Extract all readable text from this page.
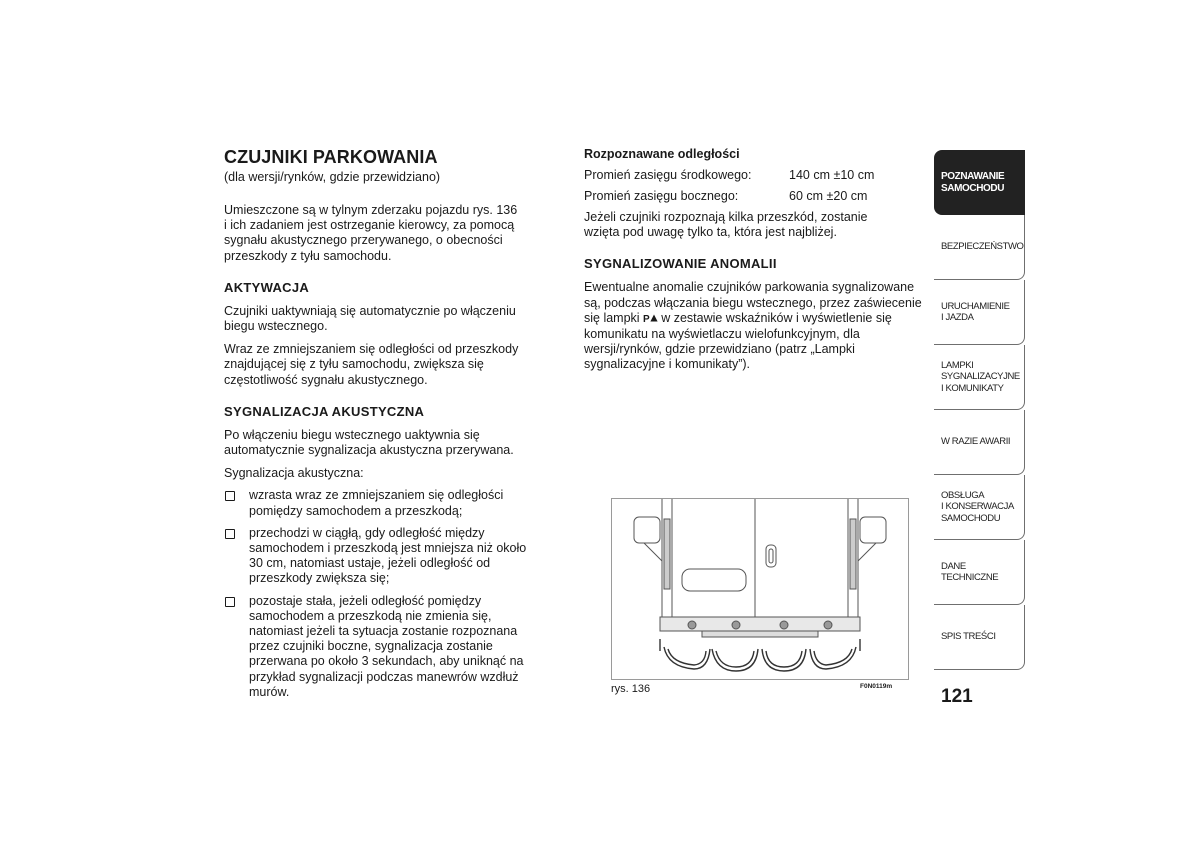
CZUJNIKI PARKOWANIA
(dla wersji/rynków, gdzie przewidziano)

Umieszczone są w tylnym zderzaku pojazdu rys. 136
i ich zadaniem jest ostrzeganie kierowcy, za pomocą
sygnału akustycznego przerywanego, o obecności
przeszkody z tyłu samochodu.

AKTYWACJA

Czujniki uaktywniają się automatycznie po włączeniu
biegu wstecznego.

Wraz ze zmniejszaniem się odległości od przeszkody
znajdującej się z tyłu samochodu, zwiększa się
częstotliwość sygnału akustycznego.

SYGNALIZACJA AKUSTYCZNA

Po włączeniu biegu wstecznego uaktywnia się
automatycznie sygnalizacja akustyczna przerywana.

Sygnalizacja akustyczna:

wzrasta wraz ze zmniejszaniem się odległości
pomiędzy samochodem a przeszkodą;
przechodzi w ciągłą, gdy odległość między
samochodem i przeszkodą jest mniejsza niż około
30 cm, natomiast ustaje, jeżeli odległość od
przeszkody zwiększa się;
pozostaje stała, jeżeli odległość pomiędzy
samochodem a przeszkodą nie zmienia się,
natomiast jeżeli ta sytuacja zostanie rozpoznana
przez czujniki boczne, sygnalizacja zostanie
przerwana po około 3 sekundach, aby uniknąć na
przykład sygnalizacji podczas manewrów wzdłuż
murów.
Rozpoznawane odległości
Promień zasięgu środkowego:	140 cm ±10 cm
Promień zasięgu bocznego:	60 cm ±20 cm

Jeżeli czujniki rozpoznają kilka przeszkód, zostanie
wzięta pod uwagę tylko ta, która jest najbliżej.

SYGNALIZOWANIE ANOMALII

Ewentualne anomalie czujników parkowania sygnalizowane
są, podczas włączania biegu wstecznego, przez zaświecenie
się lampki P w zestawie wskaźników i wyświetlenie się
komunikatu na wyświetlaczu wielofunkcyjnym, dla
wersji/rynków, gdzie przewidziano (patrz „Lampki
sygnalizacyjne i komunikaty”).

rys. 136	F0N0119m	121
POZNAWANIE
SAMOCHODU
BEZPIECZEŃSTWO
URUCHAMIENIE
I JAZDA
LAMPKI
SYGNALIZACYJNE
I KOMUNIKATY
W RAZIE AWARII
OBSŁUGA
I KONSERWACJA
SAMOCHODU
DANE TECHNICZNE
SPIS TREŚCI
